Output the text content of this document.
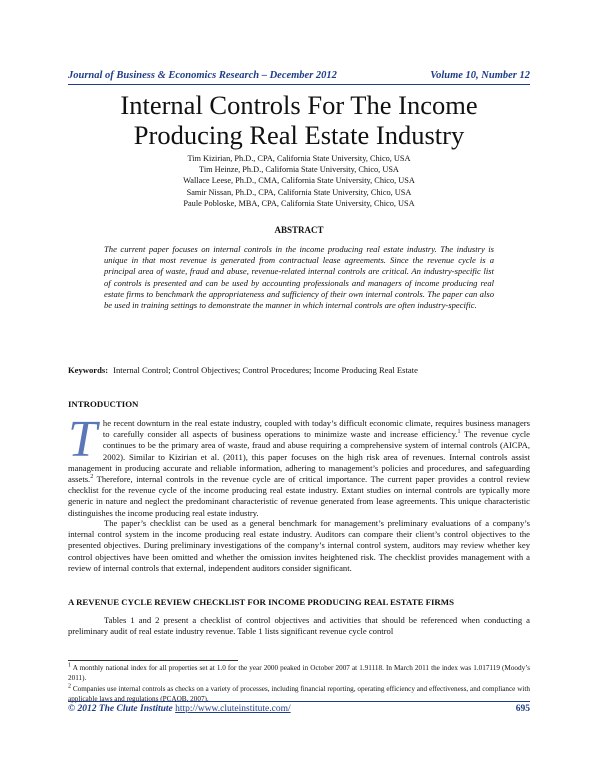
Journal of Business & Economics Research – December 2012	Volume 10, Number 12
Internal Controls For The Income
Producing Real Estate Industry
Tim Kizirian, Ph.D., CPA, California State University, Chico, USA
Tim Heinze, Ph.D., California State University, Chico, USA
Wallace Leese, Ph.D., CMA, California State University, Chico, USA
Samir Nissan, Ph.D., CPA, California State University, Chico, USA
Paule Pobloske, MBA, CPA, California State University, Chico, USA
ABSTRACT

The current paper focuses on internal controls in the income producing real estate industry. The industry is unique in that most revenue is generated from contractual lease agreements. Since the revenue cycle is a principal area of waste, fraud and abuse, revenue-related internal controls are critical. An industry-specific list of controls is presented and can be used by accounting professionals and managers of income producing real estate firms to benchmark the appropriateness and sufficiency of their own internal controls. The paper can also be used in training settings to demonstrate the manner in which internal controls are often industry-specific.

Keywords: Internal Control; Control Objectives; Control Procedures; Income Producing Real Estate
INTRODUCTION

The recent downturn in the real estate industry, coupled with today’s difficult economic climate, requires business managers to carefully consider all aspects of business operations to minimize waste and increase efficiency.$^1$ The revenue cycle continues to be the primary area of waste, fraud and abuse requiring a comprehensive system of internal controls (AICPA, 2002). Similar to Kizirian et al. (2011), this paper focuses on the high risk area of revenues. Internal controls assist management in producing accurate and reliable information, adhering to management’s policies and procedures, and safeguarding assets.$^2$ Therefore, internal controls in the revenue cycle are of critical importance. The current paper provides a control review checklist for the revenue cycle of the income producing real estate industry. Extant studies on internal controls are typically more generic in nature and neglect the predominant characteristic of revenue generated from lease agreements. This unique characteristic distinguishes the income producing real estate industry.

The paper’s checklist can be used as a general benchmark for management’s preliminary evaluations of a company’s internal control system in the income producing real estate industry. Auditors can compare their client’s control objectives to the presented objectives. During preliminary investigations of the company’s internal control system, auditors may review whether key control objectives have been omitted and whether the omission invites heightened risk. The checklist provides management with a review of internal controls that external, independent auditors consider significant.

A REVENUE CYCLE REVIEW CHECKLIST FOR INCOME PRODUCING REAL ESTATE FIRMS

Tables 1 and 2 present a checklist of control objectives and activities that should be referenced when conducting a preliminary audit of real estate industry revenue. Table 1 lists significant revenue cycle control

$^1$ A monthly national index for all properties set at 1.0 for the year 2000 peaked in October 2007 at 1.91118. In March 2011 the index was 1.017119 (Moody’s 2011).

$^2$ Companies use internal controls as checks on a variety of processes, including financial reporting, operating efficiency and effectiveness, and compliance with applicable laws and regulations (PCAOB, 2007).

© 2012 The Clute Institute http://www.cluteinstitute.com/	695
